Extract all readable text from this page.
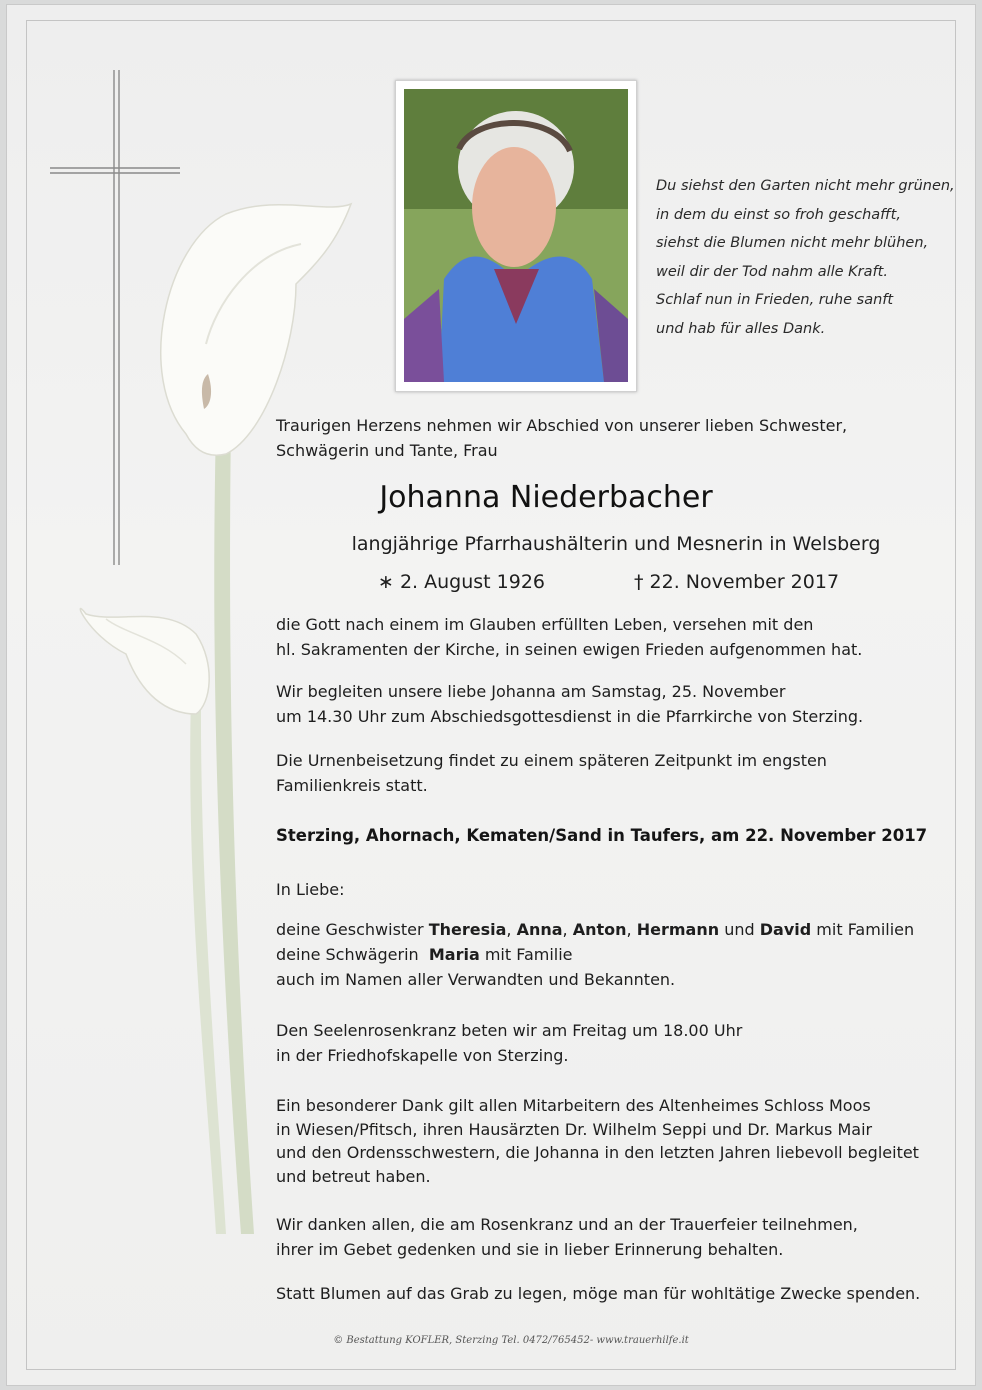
Du siehst den Garten nicht mehr grünen,
in dem du einst so froh geschafft,
siehst die Blumen nicht mehr blühen,
weil dir der Tod nahm alle Kraft.
Schlaf nun in Frieden, ruhe sanft
und hab für alles Dank.
Traurigen Herzens nehmen wir Abschied von unserer lieben Schwester,
Schwägerin und Tante, Frau
Johanna Niederbacher
langjährige Pfarrhaushälterin und Mesnerin in Welsberg
∗ 2. August 1926	† 22. November 2017
die Gott nach einem im Glauben erfüllten Leben, versehen mit den
hl. Sakramenten der Kirche, in seinen ewigen Frieden aufgenommen hat.
Wir begleiten unsere liebe Johanna am Samstag, 25. November
um 14.30 Uhr zum Abschiedsgottesdienst in die Pfarrkirche von Sterzing.
Die Urnenbeisetzung findet zu einem späteren Zeitpunkt im engsten
Familienkreis statt.
Sterzing, Ahornach, Kematen/Sand in Taufers, am 22. November 2017
In Liebe:
deine Geschwister Theresia, Anna, Anton, Hermann und David mit Familien
deine Schwägerin Maria mit Familie
auch im Namen aller Verwandten und Bekannten.
Den Seelenrosenkranz beten wir am Freitag um 18.00 Uhr
in der Friedhofskapelle von Sterzing.
Ein besonderer Dank gilt allen Mitarbeitern des Altenheimes Schloss Moos
in Wiesen/Pfitsch, ihren Hausärzten Dr. Wilhelm Seppi und Dr. Markus Mair
und den Ordensschwestern, die Johanna in den letzten Jahren liebevoll begleitet
und betreut haben.
Wir danken allen, die am Rosenkranz und an der Trauerfeier teilnehmen,
ihrer im Gebet gedenken und sie in lieber Erinnerung behalten.
Statt Blumen auf das Grab zu legen, möge man für wohltätige Zwecke spenden.
© Bestattung KOFLER, Sterzing Tel. 0472/765452- www.trauerhilfe.it
